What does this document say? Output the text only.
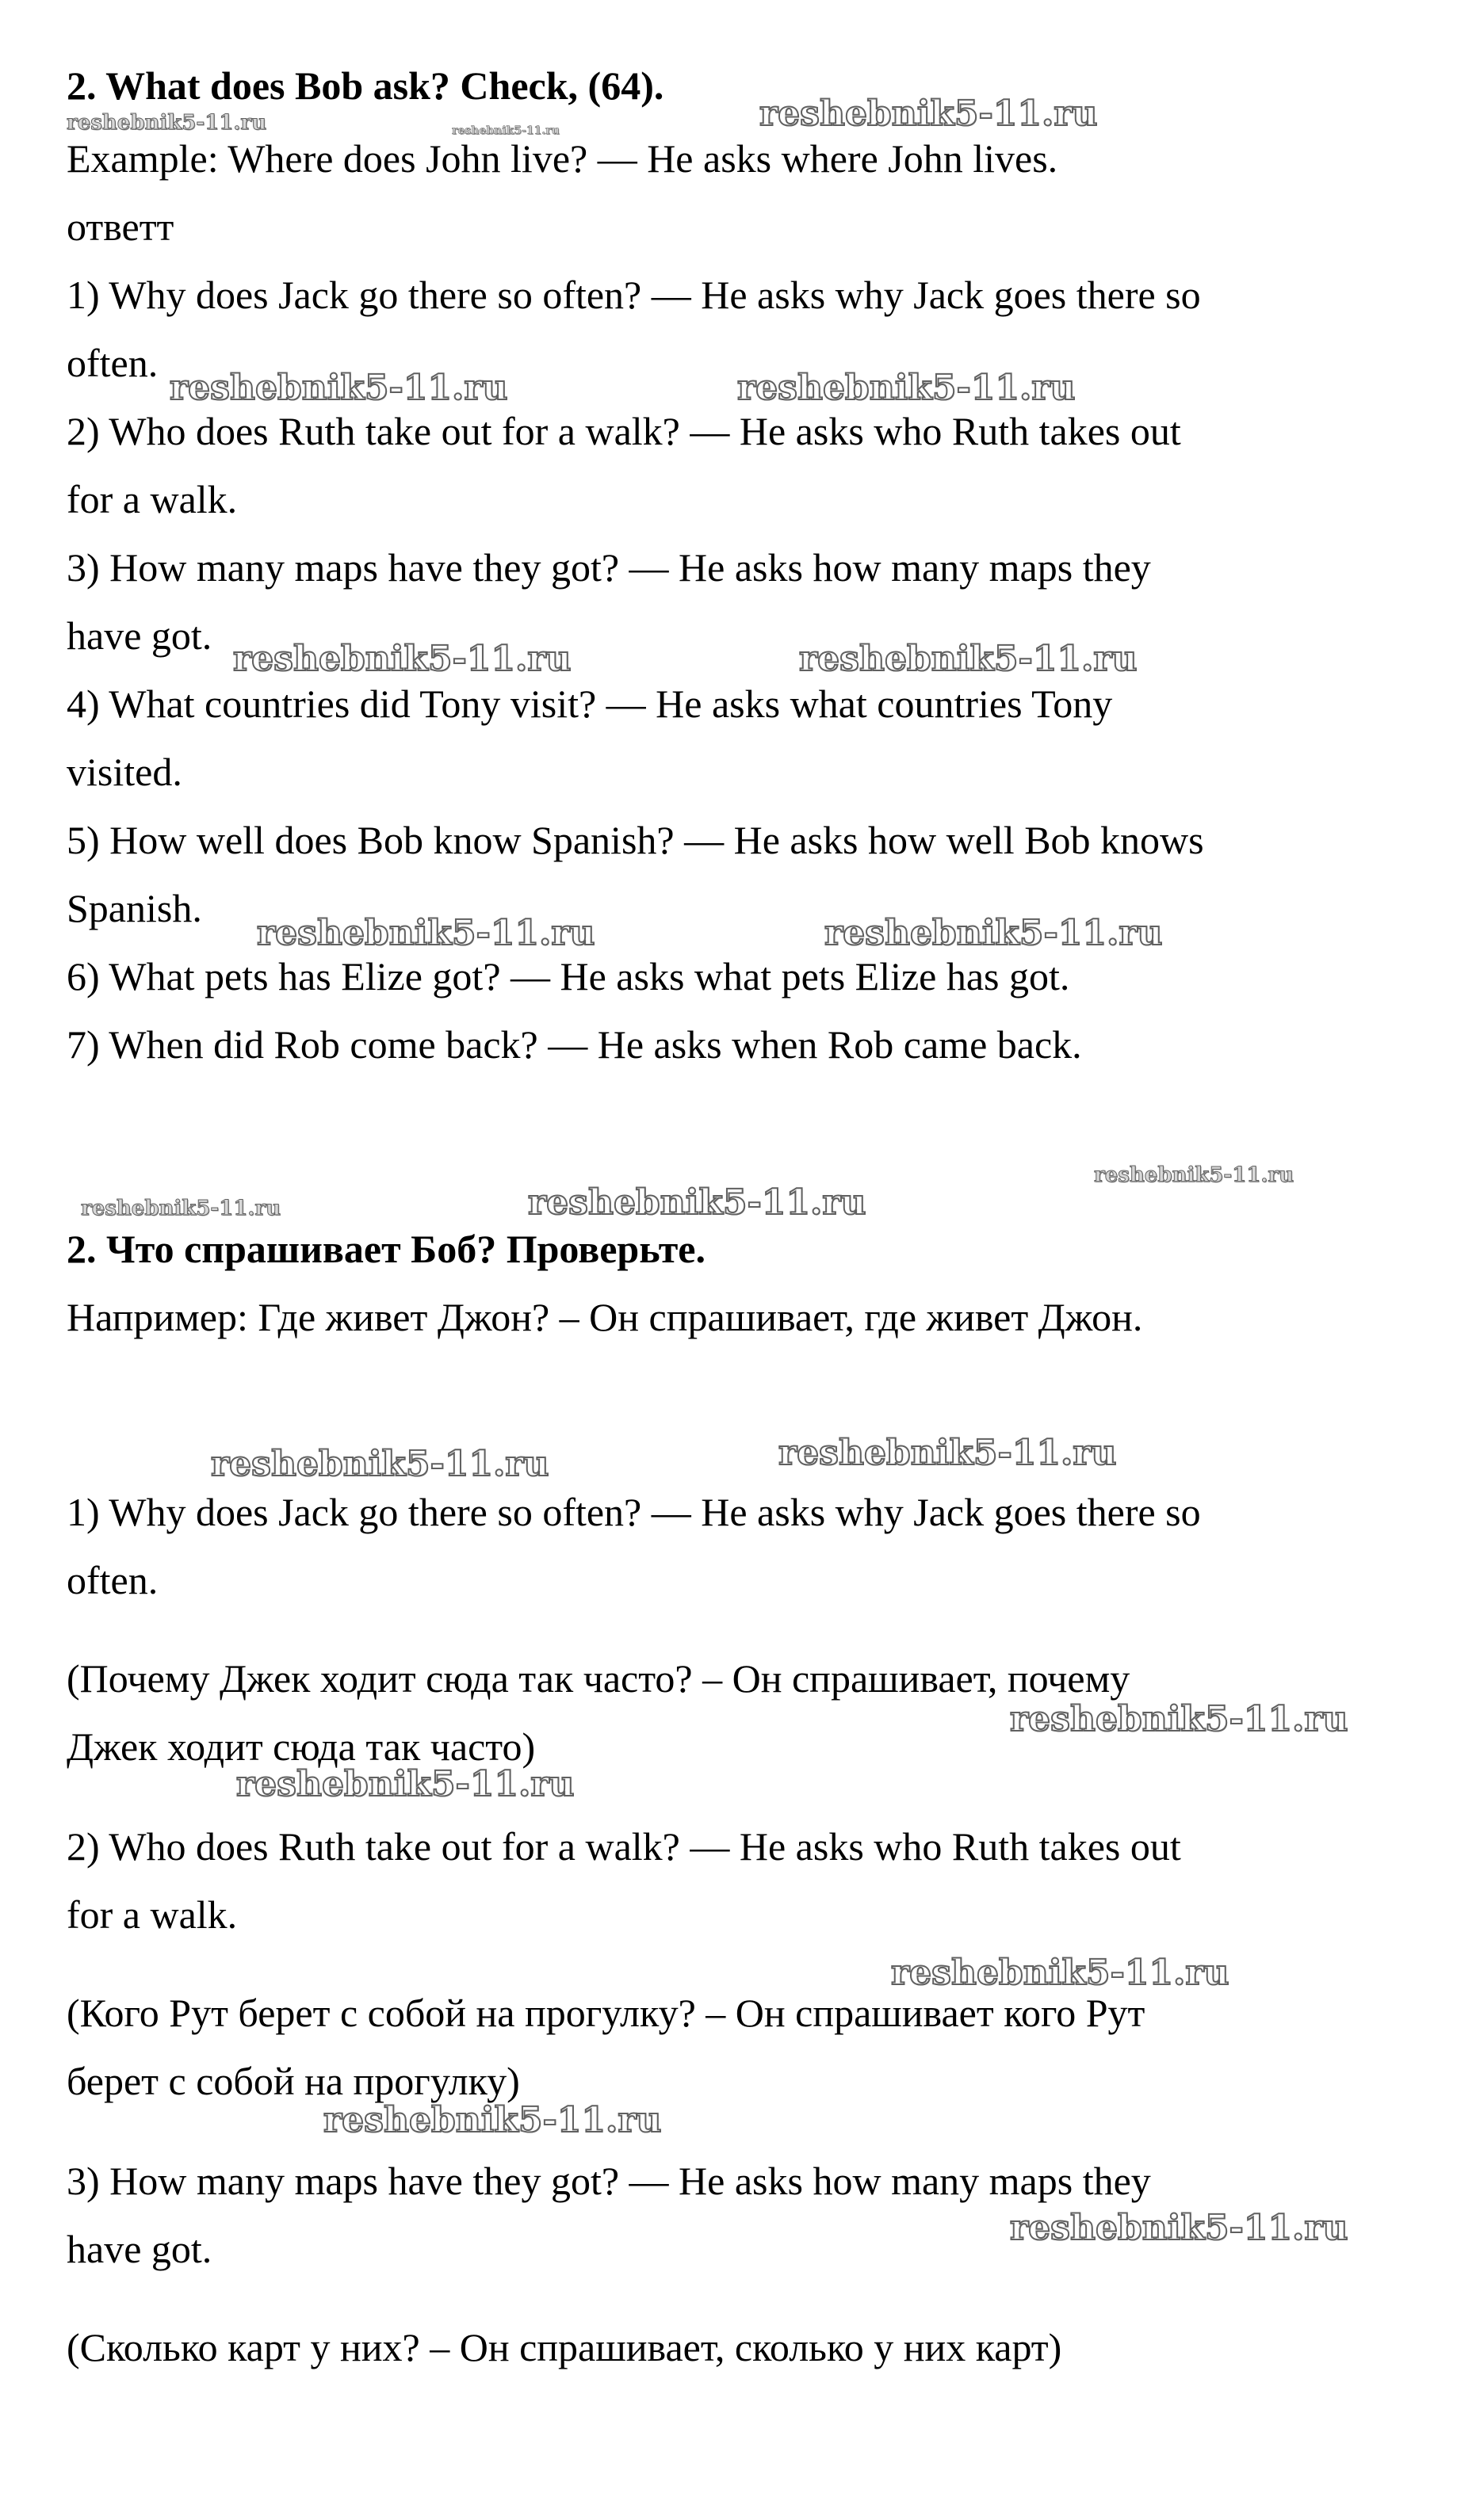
2. What does Bob ask? Check, (64).

Example: Where does John live? — He asks where John lives.

ответт

1) Why does Jack go there so often? — He asks why Jack goes there so

often.

2) Who does Ruth take out for a walk? — He asks who Ruth takes out

for a walk.

3) How many maps have they got? — He asks how many maps they

have got.

4) What countries did Tony visit? — He asks what countries Tony

visited.

5) How well does Bob know Spanish? — He asks how well Bob knows

Spanish.

6) What pets has Elize got? — He asks what pets Elize has got.

7) When did Rob come back? — He asks when Rob came back.

2. Что спрашивает Боб? Проверьте.

Например: Где живет Джон? – Он спрашивает, где живет Джон.

1) Why does Jack go there so often? — He asks why Jack goes there so

often.

(Почему Джек ходит сюда так часто? – Он спрашивает, почему

Джек ходит сюда так часто)

2) Who does Ruth take out for a walk? — He asks who Ruth takes out

for a walk.

(Кого Рут берет с собой на прогулку? – Он спрашивает кого Рут

берет с собой на прогулку)

3) How many maps have they got? — He asks how many maps they

have got.

(Сколько карт у них? – Он спрашивает, сколько у них карт)

reshebnik5-11.ru	reshebnik5-11.ru	reshebnik5-11.ru
reshebnik5-11.ru	reshebnik5-11.ru
reshebnik5-11.ru	reshebnik5-11.ru
reshebnik5-11.ru	reshebnik5-11.ru
reshebnik5-11.ru	reshebnik5-11.ru
reshebnik5-11.ru
reshebnik5-11.ru	reshebnik5-11.ru
reshebnik5-11.ru
reshebnik5-11.ru
reshebnik5-11.ru
reshebnik5-11.ru
reshebnik5-11.ru
